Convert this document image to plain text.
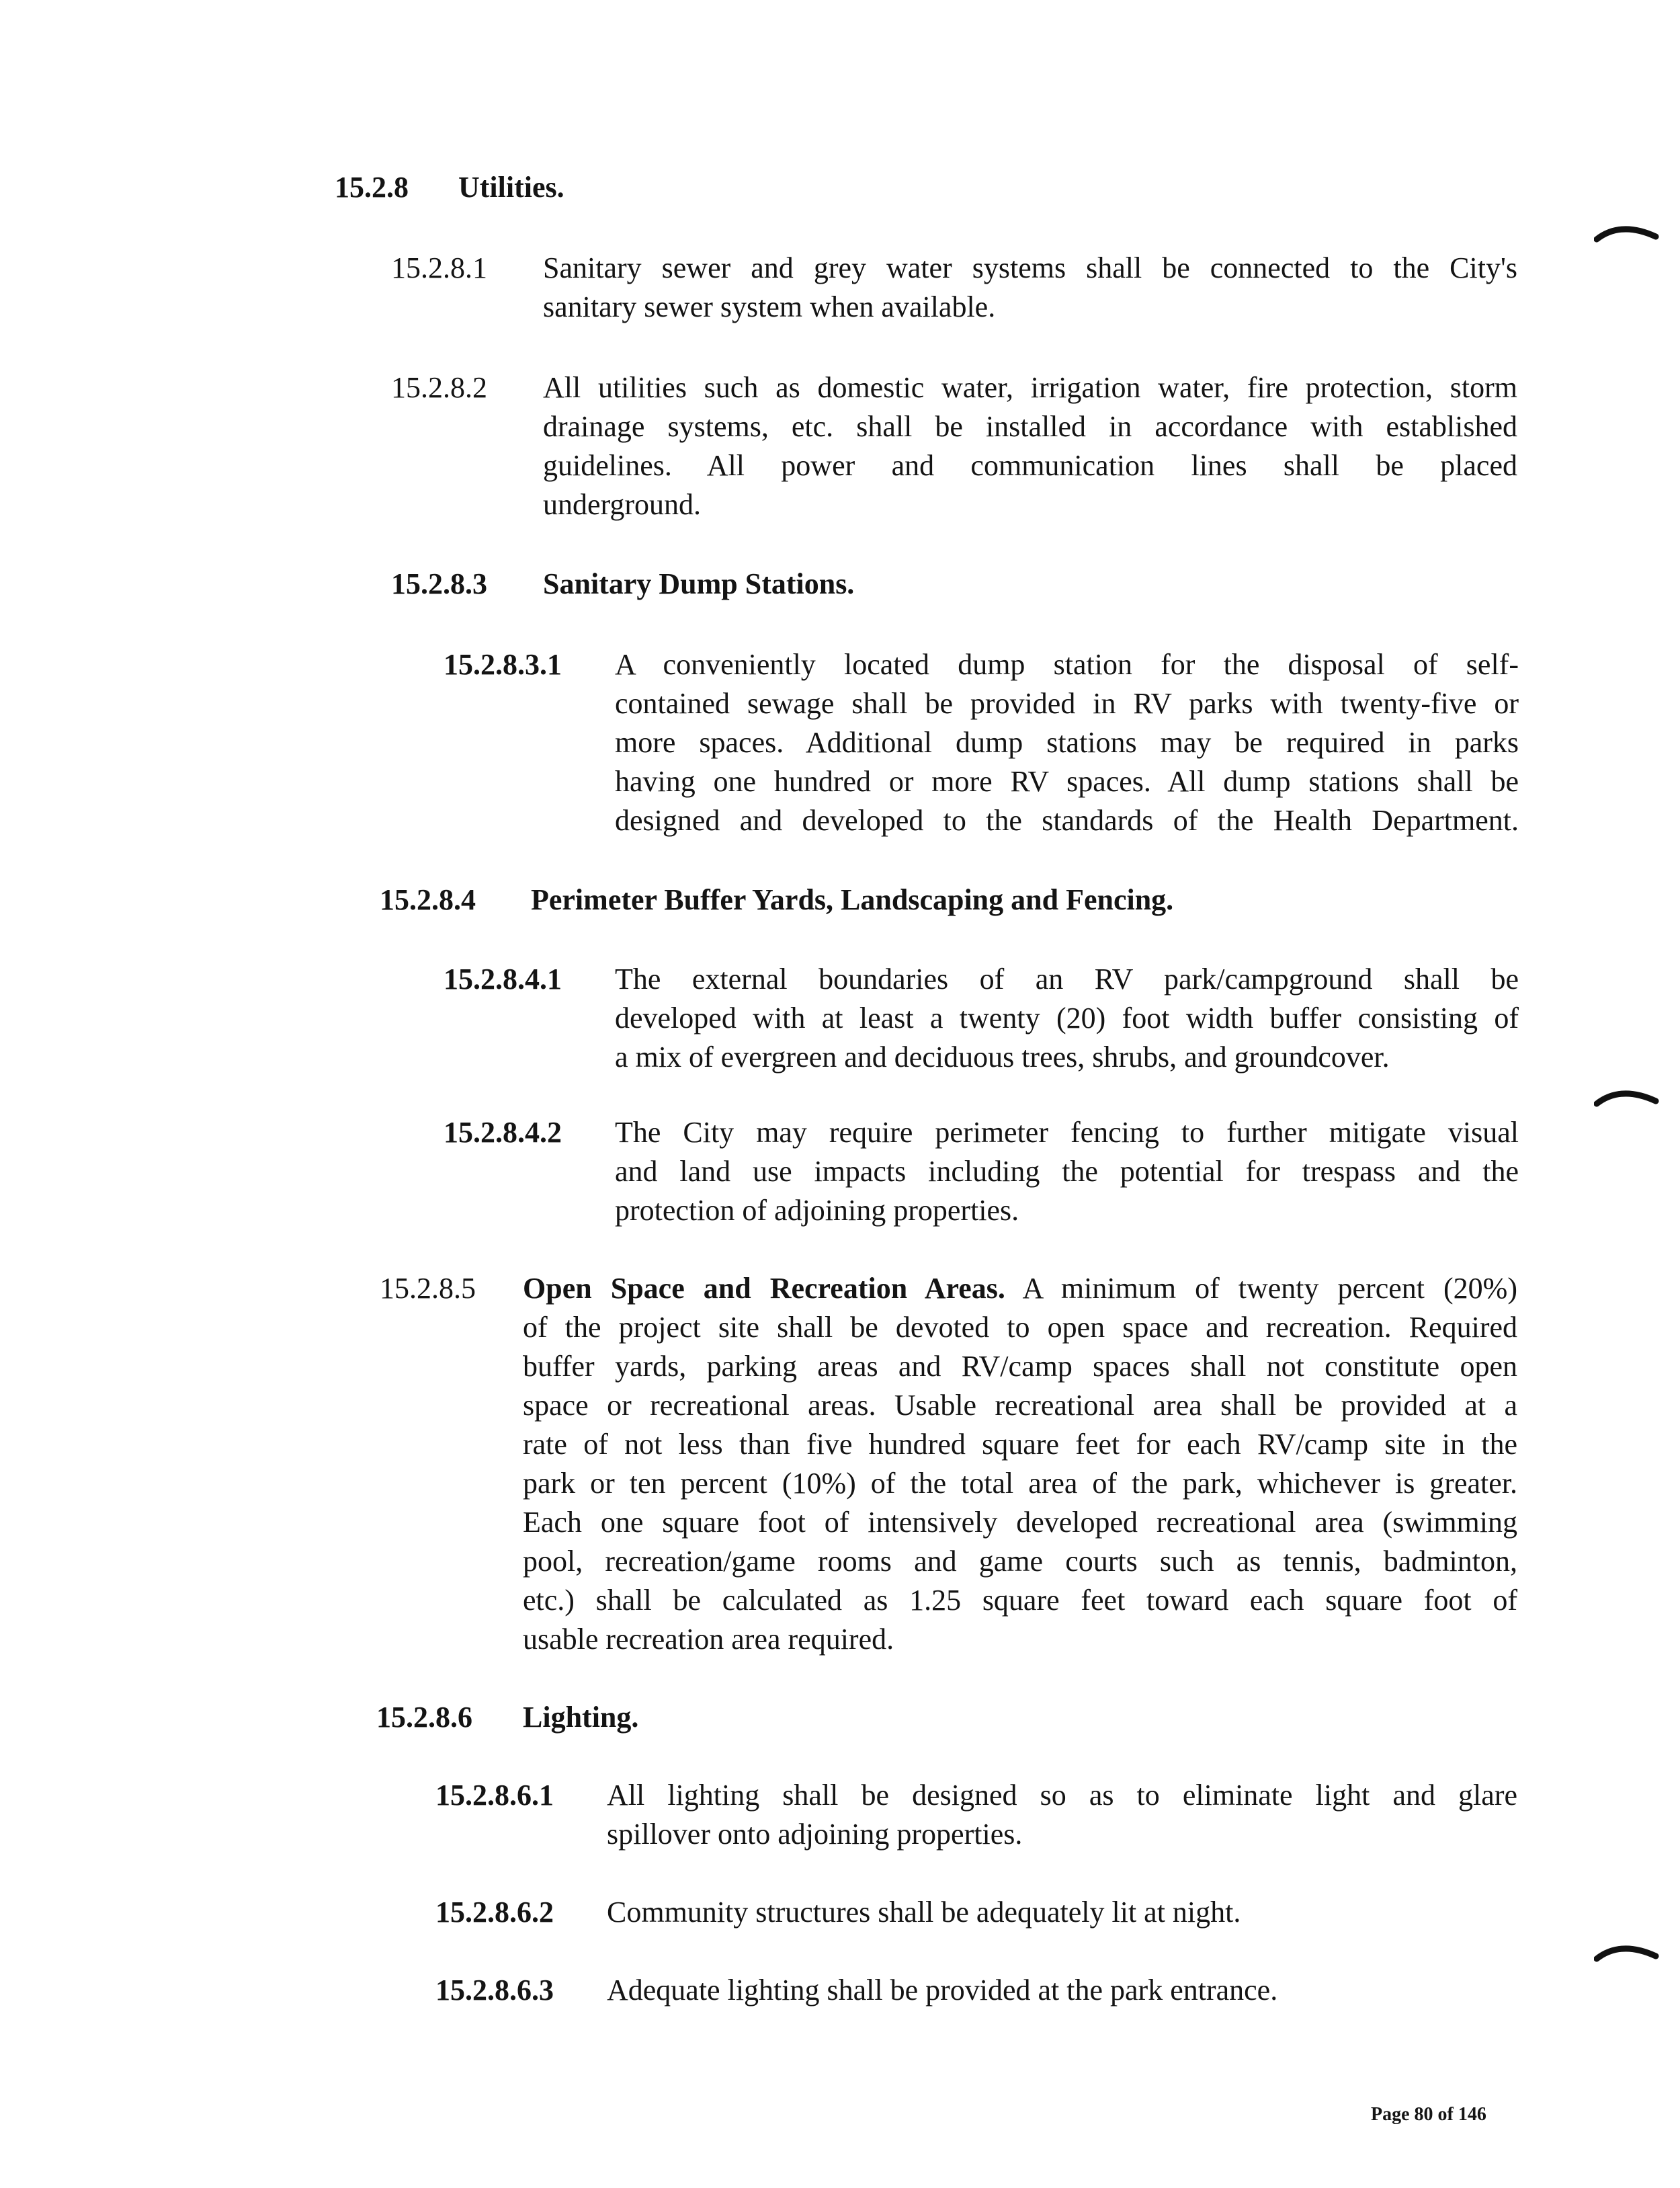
15.2.8 Utilities.
15.2.8.1 Sanitary sewer and grey water systems shall be connected to the City's
sanitary sewer system when available.
15.2.8.2 All utilities such as domestic water, irrigation water, fire protection, storm
drainage systems, etc. shall be installed in accordance with established
guidelines. All power and communication lines shall be placed
underground.
15.2.8.3 Sanitary Dump Stations.
15.2.8.3.1 A conveniently located dump station for the disposal of self-
contained sewage shall be provided in RV parks with twenty-five or
more spaces. Additional dump stations may be required in parks
having one hundred or more RV spaces. All dump stations shall be
designed and developed to the standards of the Health Department.
15.2.8.4 Perimeter Buffer Yards, Landscaping and Fencing.
15.2.8.4.1 The external boundaries of an RV park/campground shall be
developed with at least a twenty (20) foot width buffer consisting of
a mix of evergreen and deciduous trees, shrubs, and groundcover.
15.2.8.4.2 The City may require perimeter fencing to further mitigate visual
and land use impacts including the potential for trespass and the
protection of adjoining properties.
15.2.8.5 Open Space and Recreation Areas. A minimum of twenty percent (20%)
of the project site shall be devoted to open space and recreation. Required
buffer yards, parking areas and RV/camp spaces shall not constitute open
space or recreational areas. Usable recreational area shall be provided at a
rate of not less than five hundred square feet for each RV/camp site in the
park or ten percent (10%) of the total area of the park, whichever is greater.
Each one square foot of intensively developed recreational area (swimming
pool, recreation/game rooms and game courts such as tennis, badminton,
etc.) shall be calculated as 1.25 square feet toward each square foot of
usable recreation area required.
15.2.8.6 Lighting.
15.2.8.6.1 All lighting shall be designed so as to eliminate light and glare
spillover onto adjoining properties.
15.2.8.6.2 Community structures shall be adequately lit at night.
15.2.8.6.3 Adequate lighting shall be provided at the park entrance.
Page 80 of 146
